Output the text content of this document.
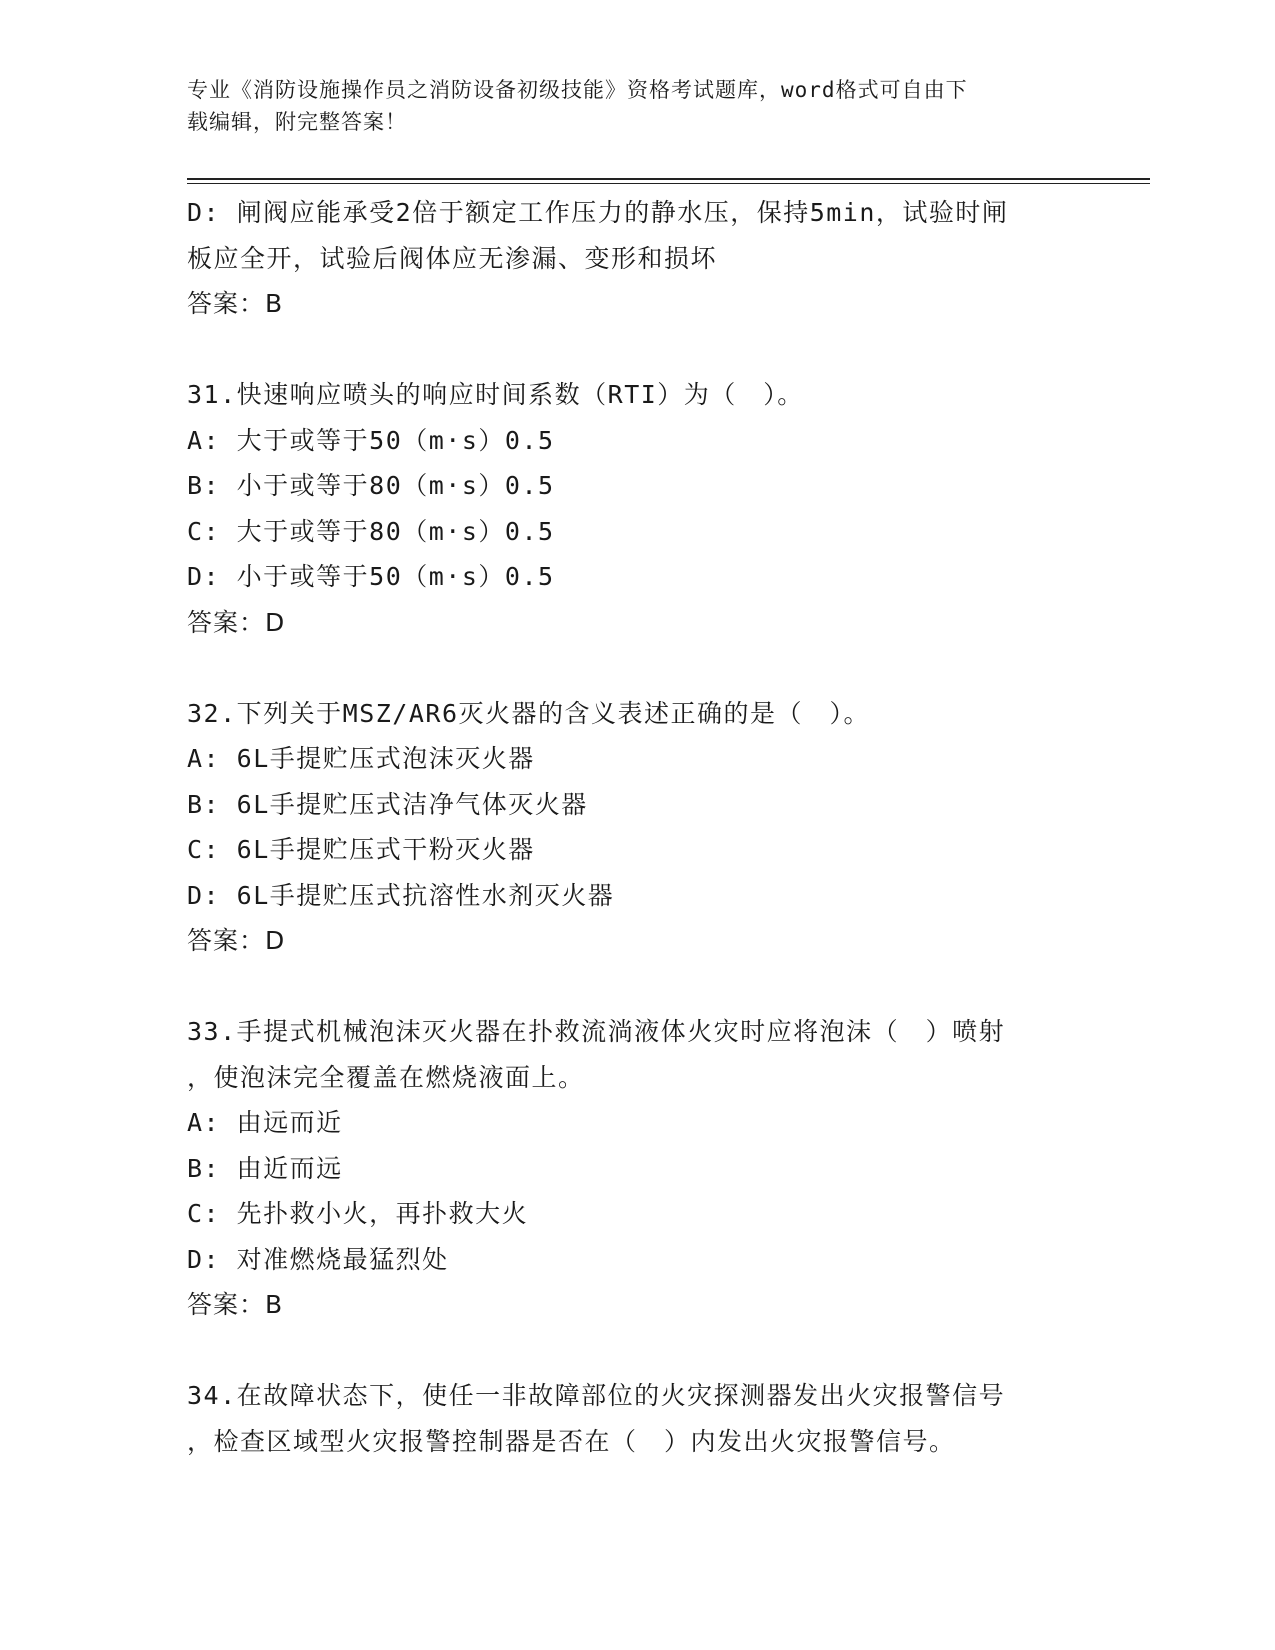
专业《消防设施操作员之消防设备初级技能》资格考试题库，word格式可自由下
载编辑，附完整答案！
D: 闸阀应能承受2倍于额定工作压力的静水压，保持5min，试验时闸
板应全开，试验后阀体应无渗漏、变形和损坏
答案：B
31.快速响应喷头的响应时间系数（RTI）为（　）。
A: 大于或等于50（m·s）0.5
B: 小于或等于80（m·s）0.5
C: 大于或等于80（m·s）0.5
D: 小于或等于50（m·s）0.5
答案：D
32.下列关于MSZ/AR6灭火器的含义表述正确的是（　）。
A: 6L手提贮压式泡沫灭火器
B: 6L手提贮压式洁净气体灭火器
C: 6L手提贮压式干粉灭火器
D: 6L手提贮压式抗溶性水剂灭火器
答案：D
33.手提式机械泡沫灭火器在扑救流淌液体火灾时应将泡沫（　）喷射
，使泡沫完全覆盖在燃烧液面上。
A: 由远而近
B: 由近而远
C: 先扑救小火，再扑救大火
D: 对准燃烧最猛烈处
答案：B
34.在故障状态下，使任一非故障部位的火灾探测器发出火灾报警信号
，检查区域型火灾报警控制器是否在（　）内发出火灾报警信号。
